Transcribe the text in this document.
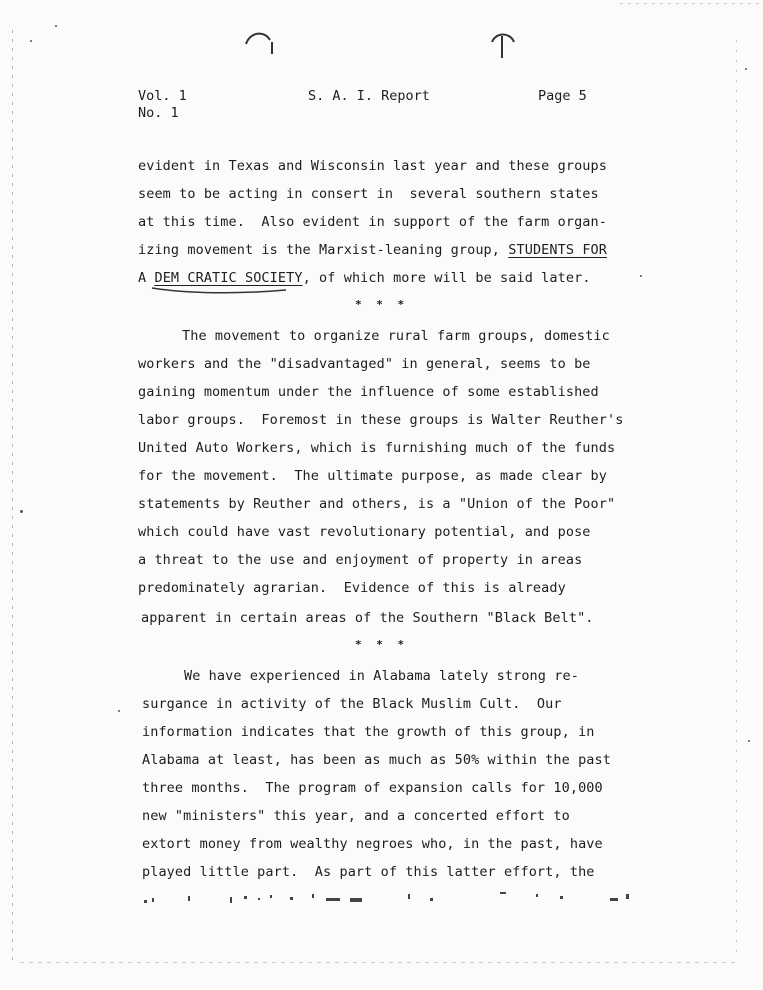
Vol. 1
No. 1
S. A. I. Report	Page 5
evident in Texas and Wisconsin last year and these groups
seem to be acting in consert in  several southern states
at this time.  Also evident in support of the farm organ-
izing movement is the Marxist-leaning group, STUDENTS FOR
A DEM CRATIC SOCIETY, of which more will be said later.
* * *
The movement to organize rural farm groups, domestic
workers and the "disadvantaged" in general, seems to be
gaining momentum under the influence of some established
labor groups.  Foremost in these groups is Walter Reuther's
United Auto Workers, which is furnishing much of the funds
for the movement.  The ultimate purpose, as made clear by
statements by Reuther and others, is a "Union of the Poor"
which could have vast revolutionary potential, and pose
a threat to the use and enjoyment of property in areas
predominately agrarian.  Evidence of this is already
apparent in certain areas of the Southern "Black Belt".
* * *
We have experienced in Alabama lately strong re-
surgance in activity of the Black Muslim Cult.  Our
information indicates that the growth of this group, in
Alabama at least, has been as much as 50% within the past
three months.  The program of expansion calls for 10,000
new "ministers" this year, and a concerted effort to
extort money from wealthy negroes who, in the past, have
played little part.  As part of this latter effort, the
